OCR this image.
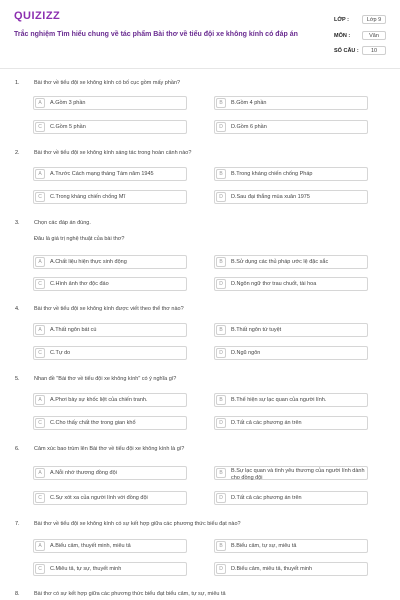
QUIZIZZ
Trắc nghiệm Tìm hiểu chung về tác phẩm Bài thơ về tiểu đội xe không kính có đáp án
LỚP :	Lớp 9
MÔN :	Văn
SỐ CÂU :	10
1.	Bài thơ về tiểu đội xe không kính có bố cục gồm mấy phần?
A	A.Gồm 3 phần	B	B.Gồm 4 phần
C	C.Gồm 5 phần	D	D.Gồm 6 phần
2.	Bài thơ về tiểu đội xe không kính sáng tác trong hoàn cảnh nào?
A	A.Trước Cách mạng tháng Tám năm 1945	B	B.Trong kháng chiến chống Pháp
C	C.Trong kháng chiến chống Mĩ	D	D.Sau đại thắng mùa xuân 1975
3.	Chọn các đáp án đúng.
Đâu là giá trị nghệ thuật của bài thơ?
A	A.Chất liệu hiện thực sinh động	B	B.Sử dụng các thủ pháp ước lệ đặc sắc
C	C.Hình ảnh thơ độc đáo	D	D.Ngôn ngữ thơ trau chuốt, tài hoa
4.	Bài thơ về tiểu đội xe không kính được viết theo thể thơ nào?
A	A.Thất ngôn bát cú	B	B.Thất ngôn tứ tuyệt
C	C.Tự do	D	D.Ngũ ngôn
5.	Nhan đề "Bài thơ về tiểu đội xe không kính" có ý nghĩa gì?
A	A.Phơi bày sự khốc liệt của chiến tranh.	B	B.Thể hiện sự lạc quan của người lính.
C	C.Cho thấy chất thơ trong gian khổ	D	D.Tất cả các phương án trên
6.	Cảm xúc bao trùm lên Bài thơ về tiểu đội xe không kính là gì?
A	A.Nỗi nhớ thương đồng đội	B	B.Sự lạc quan và tình yêu thương của người lính dành cho đồng đội
C	C.Sự xót xa của người lính với đồng đội	D	D.Tất cả các phương án trên
7.	Bài thơ về tiểu đội xe không kính có sự kết hợp giữa các phương thức biểu đạt nào?
A	A.Biểu cảm, thuyết minh, miêu tả	B	B.Biểu cảm, tự sự, miêu tả
C	C.Miêu tả, tự sự, thuyết minh	D	D.Biểu cảm, miêu tả, thuyết minh
8.	Bài thơ có sự kết hợp giữa các phương thức biểu đạt biểu cảm, tự sự, miêu tả
